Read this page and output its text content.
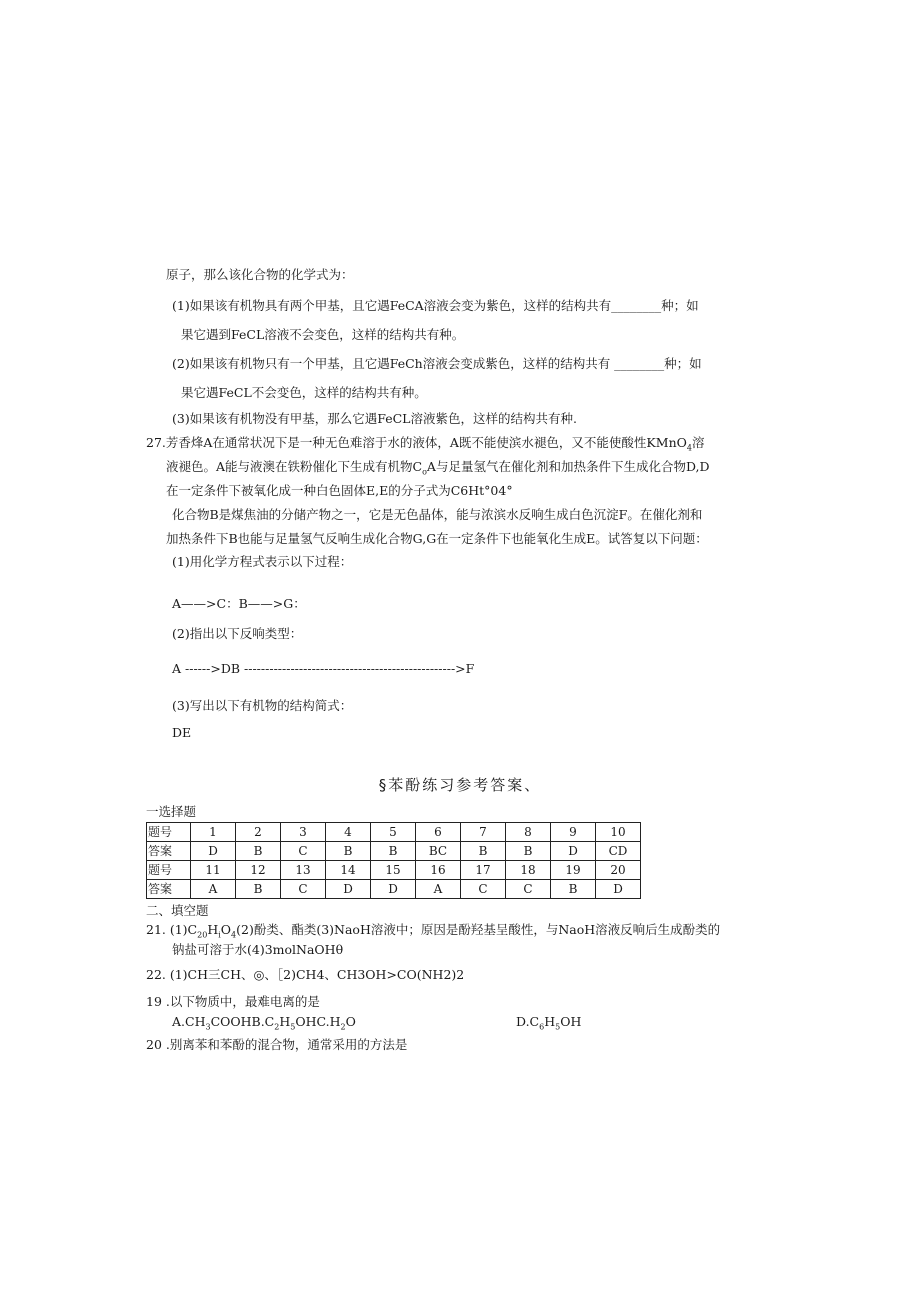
原子，那么该化合物的化学式为：
(1)如果该有机物具有两个甲基，且它遇FeCA溶液会变为紫色，这样的结构共有________种；如
果它遇到FeCL溶液不会变色，这样的结构共有种。
(2)如果该有机物只有一个甲基，且它遇FeCh溶液会变成紫色，这样的结构共有 ________种；如
果它遇FeCL不会变色，这样的结构共有种。
(3)如果该有机物没有甲基，那么它遇FeCL溶液紫色，这样的结构共有种.
27.芳香烽A在通常状况下是一种无色难溶于水的液体，A既不能使滨水褪色，又不能使酸性KMnO$_4$溶
液褪色。A能与液澳在铁粉催化下生成有机物$C_oA$与足量氢气在催化剂和加热条件下生成化合物D,D
在一定条件下被氧化成一种白色固体E,E的分子式为C6Ht°04°
化合物B是煤焦油的分储产物之一，它是无色晶体，能与浓滨水反响生成白色沉淀F。在催化剂和
加热条件下B也能与足量氢气反响生成化合物G,G在一定条件下也能氧化生成E。试答复以下问题：
(1)用化学方程式表示以下过程：
A——>C：B——>G：
(2)指出以下反响类型：
A ------>DB -------------------------------------------------->F
(3)写出以下有机物的结构简式：
DE
§苯酚练习参考答案、
一选择题
题号	1	2	3	4	5	6	7	8	9	10
答案	D	B	C	B	B	BC	B	B	D	CD
题号	11	12	13	14	15	16	17	18	19	20
答案	A	B	C	D	D	A	C	C	B	D
二、填空题
21. $(1)C_{20}H_iO_4(2)$酚类、酯类(3)NaoH溶液中；原因是酚羟基呈酸性，与NaoH溶液反响后生成酚类的
钠盐可溶于水(4)3molNaOHθ
22. (1)CH三CH、◎、［2)CH4、CH3OH>CO(NH2)2
19 .以下物质中，最难电离的是
$A.CH_3COOHB.C_2H_5OHC.H_2O$	$D.C_6H_5OH$
20 .别离苯和苯酚的混合物，通常采用的方法是
